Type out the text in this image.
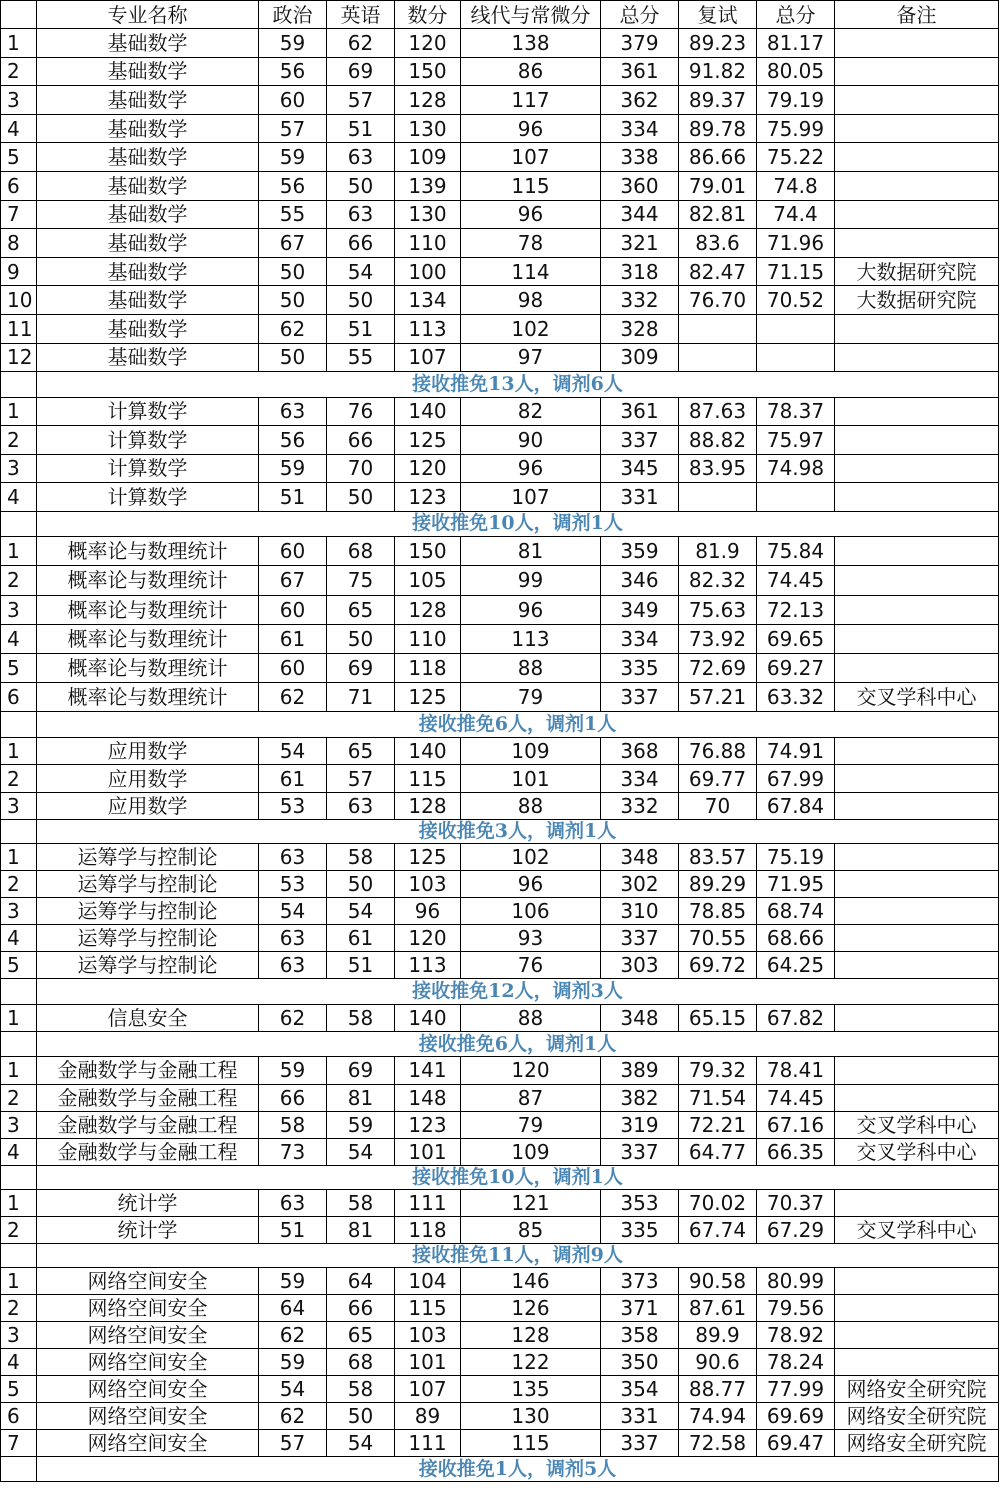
	专业名称	政治	英语	数分	线代与常微分	总分	复试	总分	备注
1	基础数学	59	62	120	138	379	89.23	81.17	
2	基础数学	56	69	150	86	361	91.82	80.05	
3	基础数学	60	57	128	117	362	89.37	79.19	
4	基础数学	57	51	130	96	334	89.78	75.99	
5	基础数学	59	63	109	107	338	86.66	75.22	
6	基础数学	56	50	139	115	360	79.01	74.8	
7	基础数学	55	63	130	96	344	82.81	74.4	
8	基础数学	67	66	110	78	321	83.6	71.96	
9	基础数学	50	54	100	114	318	82.47	71.15	大数据研究院
10	基础数学	50	50	134	98	332	76.70	70.52	大数据研究院
11	基础数学	62	51	113	102	328			
12	基础数学	50	55	107	97	309			
	接收推免13人，调剂6人								
1	计算数学	63	76	140	82	361	87.63	78.37	
2	计算数学	56	66	125	90	337	88.82	75.97	
3	计算数学	59	70	120	96	345	83.95	74.98	
4	计算数学	51	50	123	107	331			
	接收推免10人，调剂1人								
1	概率论与数理统计	60	68	150	81	359	81.9	75.84	
2	概率论与数理统计	67	75	105	99	346	82.32	74.45	
3	概率论与数理统计	60	65	128	96	349	75.63	72.13	
4	概率论与数理统计	61	50	110	113	334	73.92	69.65	
5	概率论与数理统计	60	69	118	88	335	72.69	69.27	
6	概率论与数理统计	62	71	125	79	337	57.21	63.32	交叉学科中心
	接收推免6人，调剂1人								
1	应用数学	54	65	140	109	368	76.88	74.91	
2	应用数学	61	57	115	101	334	69.77	67.99	
3	应用数学	53	63	128	88	332	70	67.84	
	接收推免3人，调剂1人								
1	运筹学与控制论	63	58	125	102	348	83.57	75.19	
2	运筹学与控制论	53	50	103	96	302	89.29	71.95	
3	运筹学与控制论	54	54	96	106	310	78.85	68.74	
4	运筹学与控制论	63	61	120	93	337	70.55	68.66	
5	运筹学与控制论	63	51	113	76	303	69.72	64.25	
	接收推免12人，调剂3人								
1	信息安全	62	58	140	88	348	65.15	67.82	
	接收推免6人，调剂1人								
1	金融数学与金融工程	59	69	141	120	389	79.32	78.41	
2	金融数学与金融工程	66	81	148	87	382	71.54	74.45	
3	金融数学与金融工程	58	59	123	79	319	72.21	67.16	交叉学科中心
4	金融数学与金融工程	73	54	101	109	337	64.77	66.35	交叉学科中心
	接收推免10人，调剂1人								
1	统计学	63	58	111	121	353	70.02	70.37	
2	统计学	51	81	118	85	335	67.74	67.29	交叉学科中心
	接收推免11人，调剂9人								
1	网络空间安全	59	64	104	146	373	90.58	80.99	
2	网络空间安全	64	66	115	126	371	87.61	79.56	
3	网络空间安全	62	65	103	128	358	89.9	78.92	
4	网络空间安全	59	68	101	122	350	90.6	78.24	
5	网络空间安全	54	58	107	135	354	88.77	77.99	网络安全研究院
6	网络空间安全	62	50	89	130	331	74.94	69.69	网络安全研究院
7	网络空间安全	57	54	111	115	337	72.58	69.47	网络安全研究院
	接收推免1人，调剂5人								
